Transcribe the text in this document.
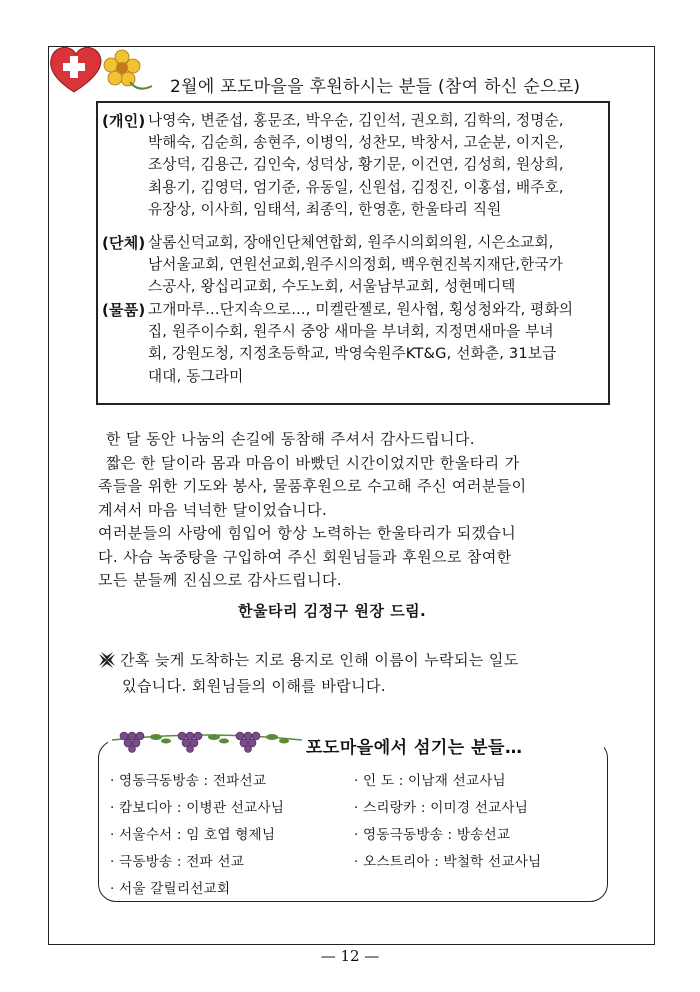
2월에 포도마을을 후원하시는 분들 (참여 하신 순으로)
(개인) 나영숙, 변준섭, 홍문조, 박우순, 김인석, 권오희, 김학의, 정명순,
박해숙, 김순희, 송현주, 이병익, 성찬모, 박창서, 고순분, 이지은,
조상덕, 김용근, 김인숙, 성덕상, 황기문, 이건연, 김성희, 원상희,
최용기, 김영덕, 엄기준, 유동일, 신원섭, 김정진, 이홍섭, 배주호,
유장상, 이사희, 임태석, 최종익, 한영훈, 한울타리 직원
(단체) 살롬신덕교회, 장애인단체연합회, 원주시의회의원, 시은소교회,
남서울교회, 연원선교회,원주시의정회, 백우현진복지재단,한국가
스공사, 왕십리교회, 수도노회, 서울남부교회, 성현메디텍
(물품) 고개마루...단지속으로..., 미켈란젤로, 원사협, 횡성청와각, 평화의
집, 원주이수회, 원주시 중앙 새마을 부녀회, 지정면새마을 부녀
회, 강원도청, 지정초등학교, 박영숙원주KT&G, 선화춘, 31보급
대대, 동그라미
한 달 동안 나눔의 손길에 동참해 주셔서 감사드립니다.
짧은 한 달이라 몸과 마음이 바빴던 시간이었지만 한울타리 가
족들을 위한 기도와 봉사, 물품후원으로 수고해 주신 여러분들이
계셔서 마음 넉넉한 달이었습니다.
여러분들의 사랑에 힘입어 항상 노력하는 한울타리가 되겠습니
다. 사슴 녹중탕을 구입하여 주신 회원님들과 후원으로 참여한
모든 분들께 진심으로 감사드립니다.
한울타리 김정구 원장 드림.
간혹 늦게 도착하는 지로 용지로 인해 이름이 누락되는 일도
있습니다. 회원님들의 이해를 바랍니다.
포도마을에서 섬기는 분들…
· 영동극동방송 : 전파선교
· 캄보디아 : 이병관 선교사님
· 서울수서 : 임 호엽 형제님
· 극동방송 : 전파 선교
· 서울 갈릴리선교회
· 인 도 : 이남재 선교사님
· 스리랑카 : 이미경 선교사님
· 영동극동방송 : 방송선교
· 오스트리아 : 박철학 선교사님
— 12 —
